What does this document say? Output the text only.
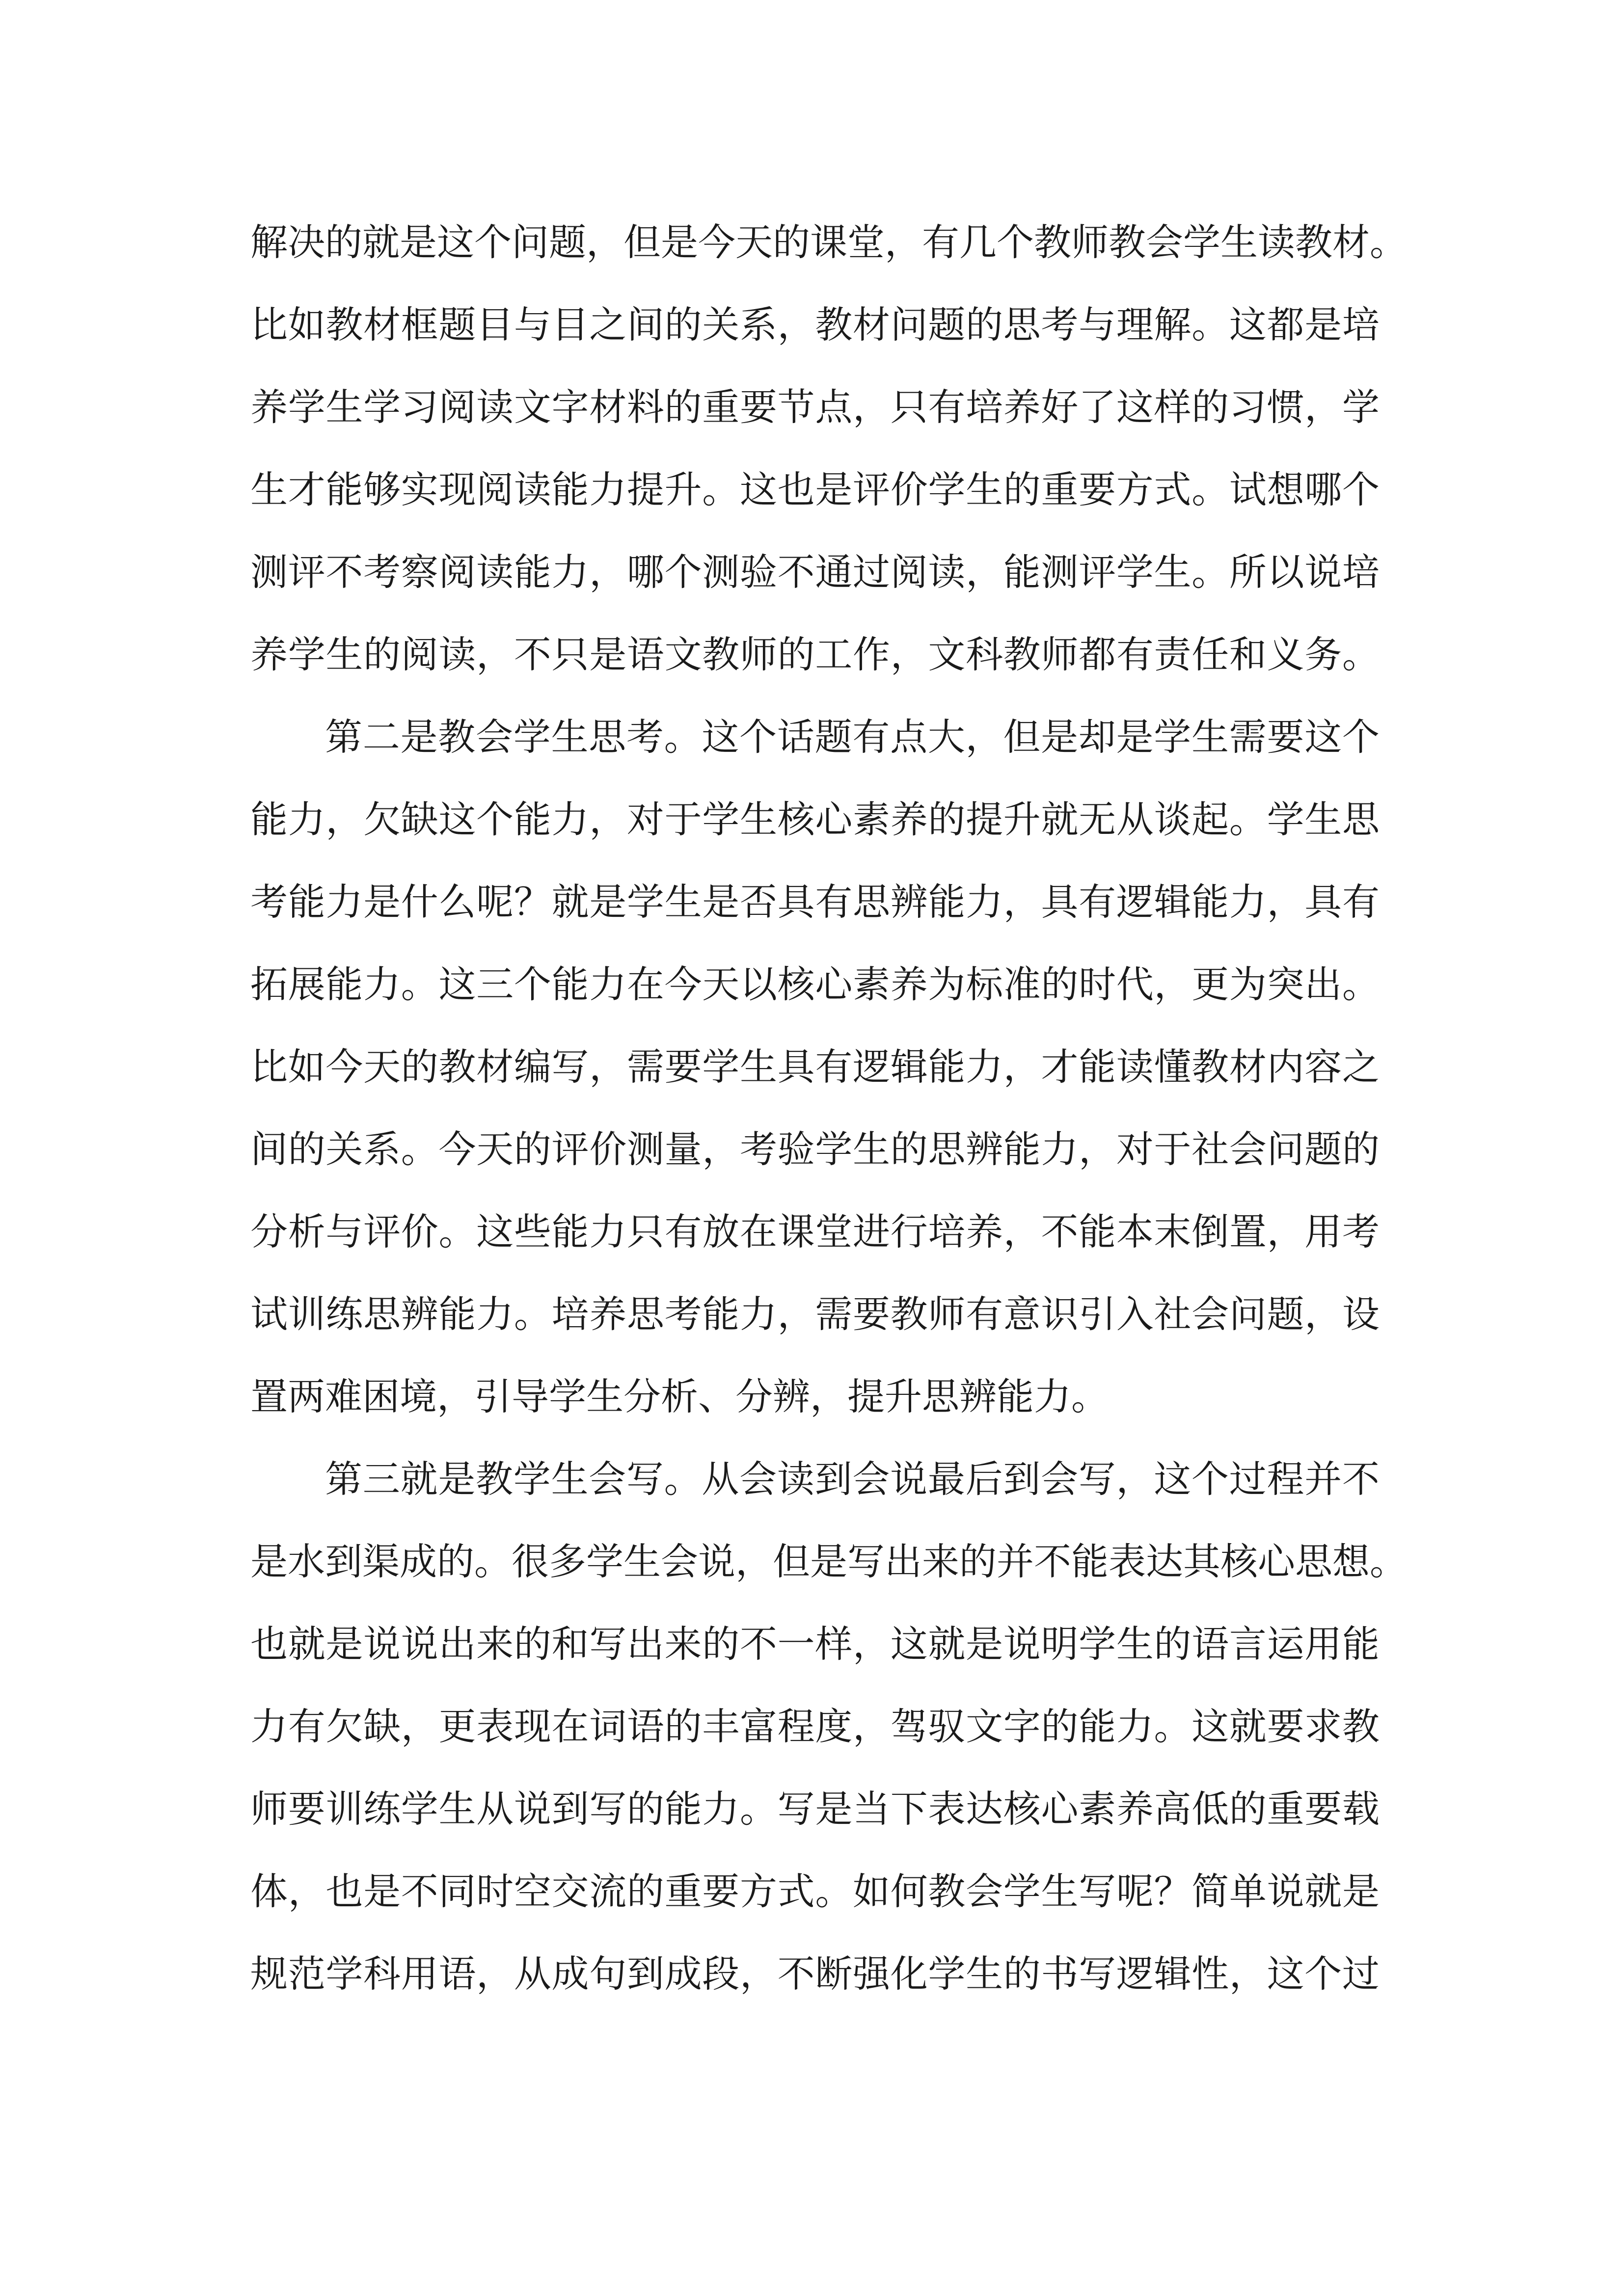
解决的就是这个问题，但是今天的课堂，有几个教师教会学生读教材。
比如教材框题目与目之间的关系，教材问题的思考与理解。这都是培
养学生学习阅读文字材料的重要节点，只有培养好了这样的习惯，学
生才能够实现阅读能力提升。这也是评价学生的重要方式。试想哪个
测评不考察阅读能力，哪个测验不通过阅读，能测评学生。所以说培
养学生的阅读，不只是语文教师的工作，文科教师都有责任和义务。
第二是教会学生思考。这个话题有点大，但是却是学生需要这个
能力，欠缺这个能力，对于学生核心素养的提升就无从谈起。学生思
考能力是什么呢？就是学生是否具有思辨能力，具有逻辑能力，具有
拓展能力。这三个能力在今天以核心素养为标准的时代，更为突出。
比如今天的教材编写，需要学生具有逻辑能力，才能读懂教材内容之
间的关系。今天的评价测量，考验学生的思辨能力，对于社会问题的
分析与评价。这些能力只有放在课堂进行培养，不能本末倒置，用考
试训练思辨能力。培养思考能力，需要教师有意识引入社会问题，设
置两难困境，引导学生分析、分辨，提升思辨能力。
第三就是教学生会写。从会读到会说最后到会写，这个过程并不
是水到渠成的。很多学生会说，但是写出来的并不能表达其核心思想。
也就是说说出来的和写出来的不一样，这就是说明学生的语言运用能
力有欠缺，更表现在词语的丰富程度，驾驭文字的能力。这就要求教
师要训练学生从说到写的能力。写是当下表达核心素养高低的重要载
体，也是不同时空交流的重要方式。如何教会学生写呢？简单说就是
规范学科用语，从成句到成段，不断强化学生的书写逻辑性，这个过
